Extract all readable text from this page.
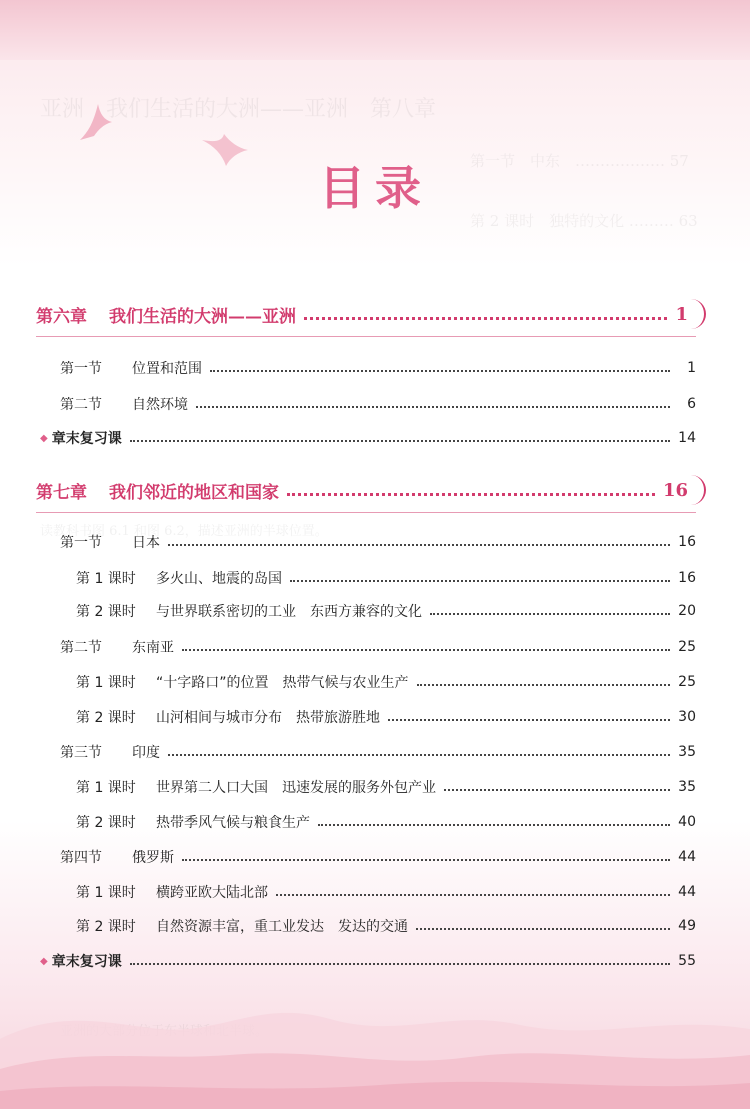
亚洲　我们生活的大洲——亚洲　第八章
第一节　中东　……………… 57
第 2 课时　独特的文化 ……… 63
读教科书图 6.1 和图 6.2，描述亚洲的半球位置。
目录
第六章 我们生活的大洲——亚洲	1
第一节	位置和范围	1
第二节	自然环境	6
◆ 章末复习课	14
第七章 我们邻近的地区和国家	16
第一节	日本	16
第 1 课时	多火山、地震的岛国	16
第 2 课时	与世界联系密切的工业　东西方兼容的文化	20
第二节	东南亚	25
第 1 课时	“十字路口”的位置　热带气候与农业生产	25
第 2 课时	山河相间与城市分布　热带旅游胜地	30
第三节	印度	35
第 1 课时	世界第二人口大国　迅速发展的服务外包产业	35
第 2 课时	热带季风气候与粮食生产	40
第四节	俄罗斯	44
第 1 课时	横跨亚欧大陆北部	44
第 2 课时	自然资源丰富，重工业发达　发达的交通	49
◆ 章末复习课	55
